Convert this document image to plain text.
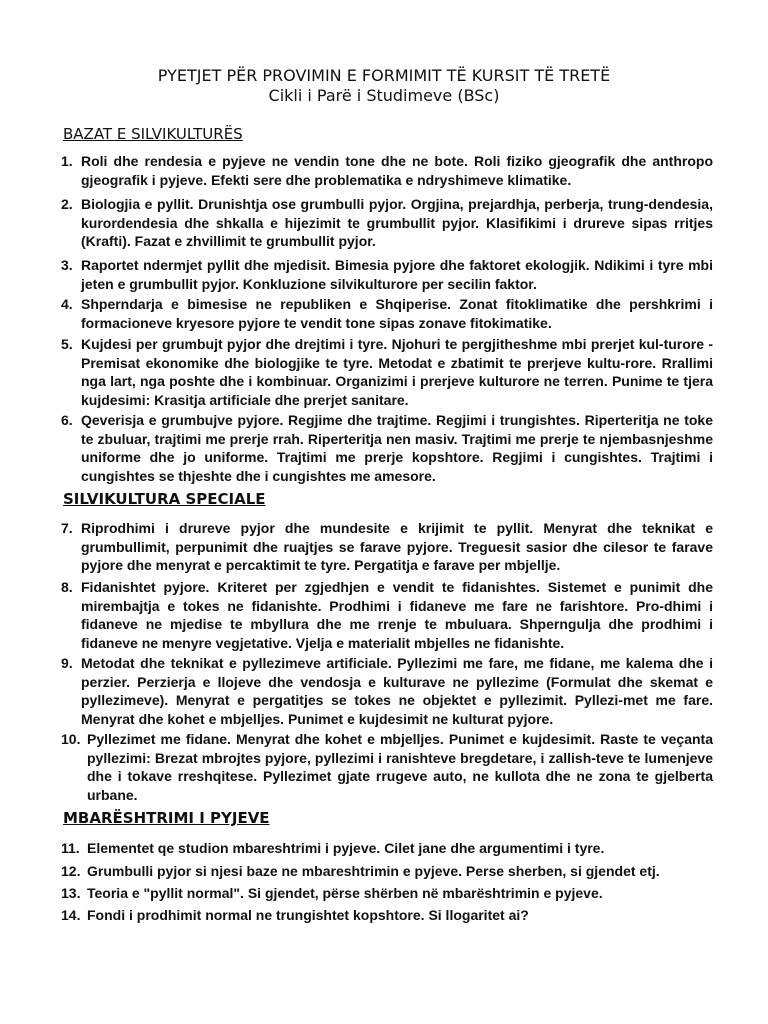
PYETJET PËR PROVIMIN E FORMIMIT TË KURSIT TË TRETË
Cikli i Parë i Studimeve (BSc)
BAZAT E SILVIKULTURËS
1. Roli dhe rendesia e pyjeve ne vendin tone dhe ne bote. Roli fiziko gjeografik dhe anthropo gjeografik i pyjeve. Efekti sere dhe problematika e ndryshimeve klimatike.
2. Biologjia e pyllit. Drunishtja ose grumbulli pyjor. Orgjina, prejardhja, perberja, trung-dendesia, kurordendesia dhe shkalla e hijezimit te grumbullit pyjor. Klasifikimi i drureve sipas rritjes (Krafti). Fazat e zhvillimit te grumbullit pyjor.
3. Raportet ndermjet pyllit dhe mjedisit. Bimesia pyjore dhe faktoret ekologjik. Ndikimi i tyre mbi jeten e grumbullit pyjor. Konkluzione silvikulturore per secilin faktor.
4. Shperndarja e bimesise ne republiken e Shqiperise. Zonat fitoklimatike dhe pershkrimi i formacioneve kryesore pyjore te vendit tone sipas zonave fitokimatike.
5. Kujdesi per grumbujt pyjor dhe drejtimi i tyre. Njohuri te pergjitheshme mbi prerjet kul-turore - Premisat ekonomike dhe biologjike te tyre. Metodat e zbatimit te prerjeve kultu-rore. Rrallimi nga lart, nga poshte dhe i kombinuar. Organizimi i prerjeve kulturore ne terren. Punime te tjera kujdesimi: Krasitja artificiale dhe prerjet sanitare.
6. Qeverisja e grumbujve pyjore. Regjime dhe trajtime. Regjimi i trungishtes. Riperteritja ne toke te zbuluar, trajtimi me prerje rrah. Riperteritja nen masiv. Trajtimi me prerje te njembasnjeshme uniforme dhe jo uniforme. Trajtimi me prerje kopshtore. Regjimi i cungishtes. Trajtimi i cungishtes se thjeshte dhe i cungishtes me amesore.
SILVIKULTURA SPECIALE
7. Riprodhimi i drureve pyjor dhe mundesite e krijimit te pyllit. Menyrat dhe teknikat e grumbullimit, perpunimit dhe ruajtjes se farave pyjore. Treguesit sasior dhe cilesor te farave pyjore dhe menyrat e percaktimit te tyre. Pergatitja e farave per mbjellje.
8. Fidanishtet pyjore. Kriteret per zgjedhjen e vendit te fidanishtes. Sistemet e punimit dhe mirembajtja e tokes ne fidanishte. Prodhimi i fidaneve me fare ne farishtore. Pro-dhimi i fidaneve ne mjedise te mbyllura dhe me rrenje te mbuluara. Shperngulja dhe prodhimi i fidaneve ne menyre vegjetative. Vjelja e materialit mbjelles ne fidanishte.
9. Metodat dhe teknikat e pyllezimeve artificiale. Pyllezimi me fare, me fidane, me kalema dhe i perzier. Perzierja e llojeve dhe vendosja e kulturave ne pyllezime (Formulat dhe skemat e pyllezimeve). Menyrat e pergatitjes se tokes ne objektet e pyllezimit. Pyllezi-met me fare. Menyrat dhe kohet e mbjelljes. Punimet e kujdesimit ne kulturat pyjore.
10. Pyllezimet me fidane. Menyrat dhe kohet e mbjelljes. Punimet e kujdesimit. Raste te veçanta pyllezimi: Brezat mbrojtes pyjore, pyllezimi i ranishteve bregdetare, i zallish-teve te lumenjeve dhe i tokave rreshqitese. Pyllezimet gjate rrugeve auto, ne kullota dhe ne zona te gjelberta urbane.
MBARЁSHTRIMI I PYJEVE
11. Elementet qe studion mbareshtrimi i pyjeve. Cilet jane dhe argumentimi i tyre.
12. Grumbulli pyjor si njesi baze ne mbareshtrimin e pyjeve. Perse sherben, si gjendet etj.
13. Teoria e "pyllit normal". Si gjendet, përse shërben në mbarështrimin e pyjeve.
14. Fondi i prodhimit normal ne trungishtet kopshtore. Si llogaritet ai?
